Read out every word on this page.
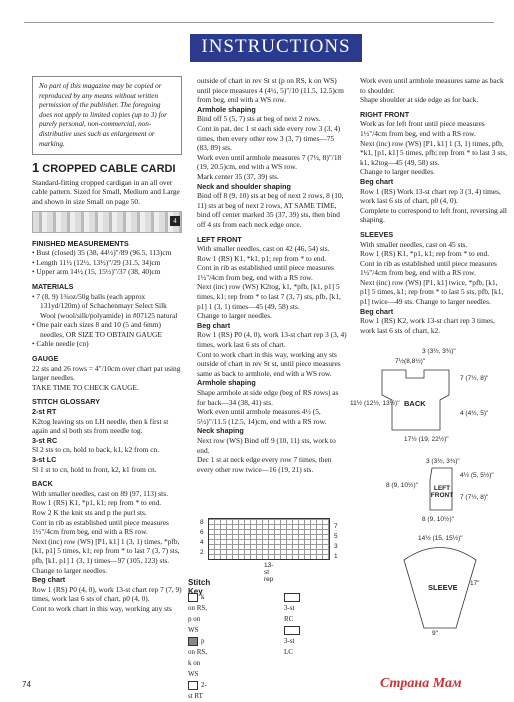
INSTRUCTIONS
No part of this magazine may be copied or reproduced by any means without written permission of the publisher. The foregoing does not apply to limited copies (up to 3) for purely personal, non-commercial, non-distributive uses such as enlargement or marking.
1 CROPPED CABLE CARDI

Standard-fitting cropped cardigan in an all over cable pattern. Sized for Small, Medium and Large and shown in size Small on page 50.

4
FINISHED MEASUREMENTS

• Bust (closed) 35 (38, 44½)"/89 (96.5, 113)cm

• Length 11½ (12½, 13½)"/29 (31.5, 34)cm

• Upper arm 14½ (15, 15½)"/37 (38, 40)cm

MATERIALS

• 7 (8, 9) 1¾oz/50g balls (each approx 131yd/120m) of Schachenmayr Select Silk Wool (wool/silk/polyamide) in #07125 natural

• One pair each sizes 8 and 10 (5 and 6mm) needles, OR SIZE TO OBTAIN GAUGE

• Cable needle (cn)

GAUGE

22 sts and 26 rows = 4"/10cm over chart pat using larger needles.

TAKE TIME TO CHECK GAUGE.

STITCH GLOSSARY
2-st RT

K2tog leaving sts on LH needle, then k first st again and sl both sts from needle tog.

3-st RC

Sl 2 sts to cn, hold to back, k1, k2 from cn.

3-st LC

Sl 1 st to cn, hold to front, k2, k1 from cn.

BACK

With smaller needles, cast on 89 (97, 113) sts.

Row 1 (RS) K1, *p1, k1; rep from * to end.

Row 2 K the knit sts and p the purl sts.

Cont in rib as established until piece measures 1½"/4cm from beg, end with a RS row.

Next (inc) row (WS) [P1, k1] 1 (3, 1) times, *pfb, [k1, p1] 5 times, k1; rep from * to last 7 (3, 7) sts, pfb, [k1, p1] 1 (3, 1) times—97 (105, 123) sts.

Change to larger needles.

Beg chart

Row 1 (RS) P0 (4, 0), work 13-st chart rep 7 (7, 9) times, work last 6 sts of chart, p0 (4, 0).

Cont to work chart in this way, working any sts

outside of chart in rev St st (p on RS, k on WS) until piece measures 4 (4½, 5)"/10 (11.5, 12.5)cm from beg, end with a WS row.

Armhole shaping

Bind off 5 (5, 7) sts at beg of next 2 rows.

Cont in pat, dec 1 st each side every row 3 (3, 4) times, then every other row 3 (3, 7) times—75 (83, 89) sts.

Work even until armhole measures 7 (7½, 8)"/18 (19, 20.5)cm, end with a WS row.

Mark center 35 (37, 39) sts.

Neck and shoulder shaping

Bind off 8 (9, 10) sts at beg of next 2 rows, 8 (10, 11) sts at beg of next 2 rows, AT SAME TIME, bind off center marked 35 (37, 39) sts, then bind off 4 sts from each neck edge once.

LEFT FRONT

With smaller needles, cast on 42 (46, 54) sts.

Row 1 (RS) K1, *k1, p1; rep from * to end.

Cont in rib as established until piece measures 1½"/4cm from beg, end with a RS row.

Next (inc) row (WS) K2tog, k1, *pfb, [k1, p1] 5 times, k1; rep from * to last 7 (3, 7) sts, pfb, [k1, p1] 1 (3, 1) times—45 (49, 58) sts.

Change to larger needles.

Beg chart

Row 1 (RS) P0 (4, 0), work 13-st chart rep 3 (3, 4) times, work last 6 sts of chart.

Cont to work chart in this way, working any sts outside of chart in rev St st, until piece measures same as back to armhole, end with a WS row.

Armhole shaping

Shape armhole at side edge (beg of RS rows) as for back—34 (38, 41) sts.

Work even until armhole measures 4½ (5, 5½)"/11.5 (12.5, 14)cm, end with a RS row.

Neck shaping

Next row (WS) Bind off 9 (10, 11) sts, work to end.

Dec 1 st at neck edge every row 7 times, then every other row twice—16 (19, 21) sts.

Work even until armhole measures same as back to shoulder.

Shape shoulder at side edge as for back.

RIGHT FRONT

Work as for left front until piece measures 1½"/4cm from beg, end with a RS row.

Next (inc) row (WS) [P1, k1] 1 (3, 1) times, pfb, *k1, [p1, k1] 5 times, pfb; rep from * to last 3 sts, k1, k2tog—45 (49, 58) sts.

Change to larger needles.

Beg chart

Row 1 (RS) Work 13-st chart rep 3 (3, 4) times, work last 6 sts of chart, p0 (4, 0).

Complete to correspond to left front, reversing all shaping.

SLEEVES

With smaller needles, cast on 45 sts.

Row 1 (RS) K1, *p1, k1; rep from * to end.

Cont in rib as established until piece measures 1½"/4cm from beg, end with a RS row.

Next (inc) row (WS) [P1, k1] twice, *pfb, [k1, p1] 5 times, k1; rep from * to last 5 sts, pfb, [k1, p1] twice—49 sts. Change to larger needles.

Beg chart

Row 1 (RS) K2, work 13-st chart rep 3 times, work last 6 sts of chart, k2.

BACK
7½(8,8½)"
3 (3½, 3¾)"
17½ (19, 22½)"
11½ (12½, 13½)"
7 (7½, 8)"
4 (4½, 5)"
LEFT FRONT
3 (3½, 3¾)"
8 (9, 10½)"
4½ (5, 5½)"
7 (7½, 8)"
8 (9, 10½)"
SLEEVE
14½ (15, 15½)"
17"
9"
8
6
4
2
7
5
3
1
13-st rep
Stitch Key
k on RS, p on WS
p on RS, k on WS
2-st RT
3-st RC
3-st LC
74	Страна Мам
